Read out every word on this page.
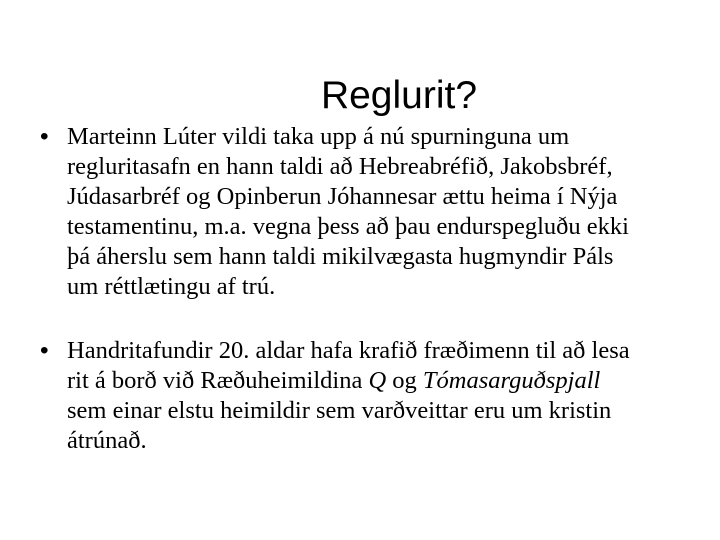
Reglurit?
• Marteinn Lúter vildi taka upp á nú spurninguna um
regluritasafn en hann taldi að Hebreabréfið, Jakobsbréf,
Júdasarbréf og Opinberun Jóhannesar ættu heima í Nýja
testamentinu, m.a. vegna þess að þau endurspegluðu ekki
þá áherslu sem hann taldi mikilvægasta hugmyndir Páls
um réttlætingu af trú.
• Handritafundir 20. aldar hafa krafið fræðimenn til að lesa
rit á borð við Ræðuheimildina Q og Tómasarguðspjall
sem einar elstu heimildir sem varðveittar eru um kristin
átrúnað.
